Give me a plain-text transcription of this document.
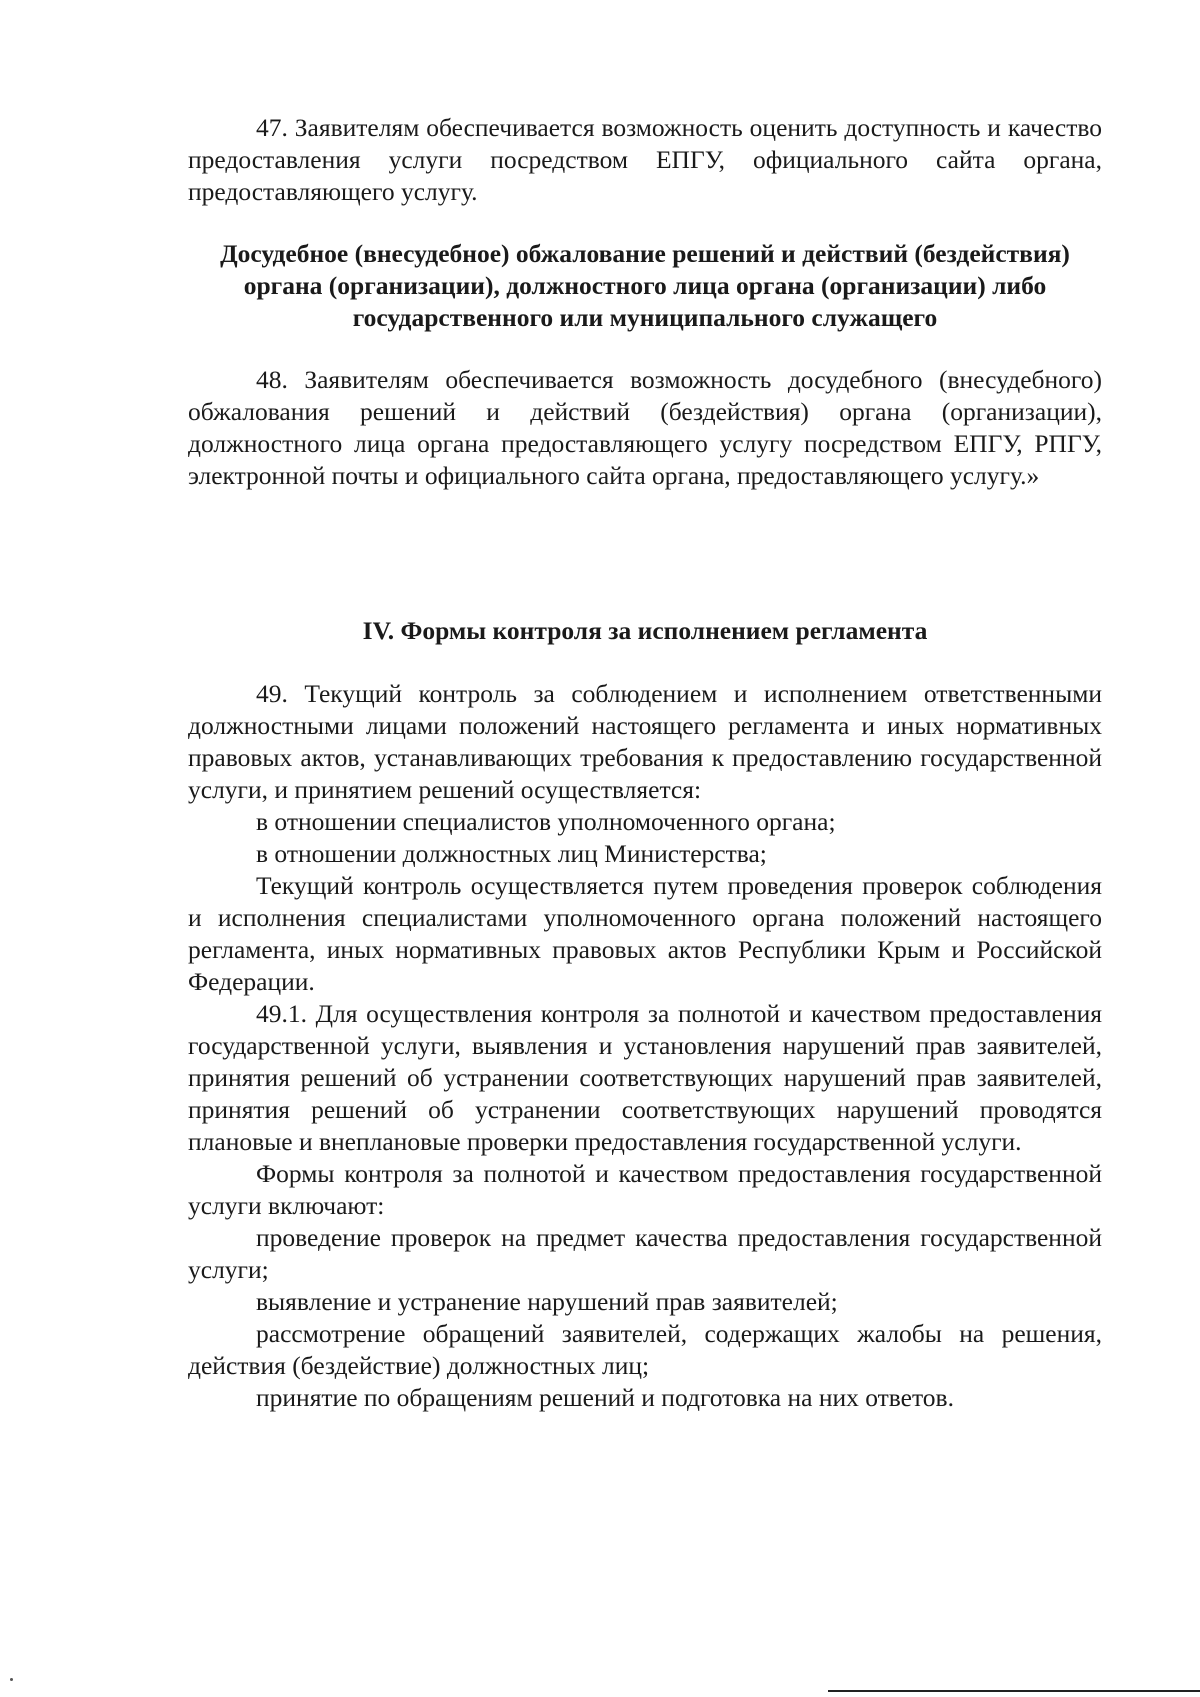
47. Заявителям обеспечивается возможность оценить доступность и качество предоставления услуги посредством ЕПГУ, официального сайта органа, предоставляющего услугу.

Досудебное (внесудебное) обжалование решений и действий (бездействия) органа (организации), должностного лица органа (организации) либо государственного или муниципального служащего

48. Заявителям обеспечивается возможность досудебного (внесудебного) обжалования решений и действий (бездействия) органа (организации), должностного лица органа предоставляющего услугу посредством ЕПГУ, РПГУ, электронной почты и официального сайта органа, предоставляющего услугу.»

IV. Формы контроля за исполнением регламента

49. Текущий контроль за соблюдением и исполнением ответственными должностными лицами положений настоящего регламента и иных нормативных правовых актов, устанавливающих требования к предоставлению государственной услуги, и принятием решений осуществляется:

в отношении специалистов уполномоченного органа;

в отношении должностных лиц Министерства;

Текущий контроль осуществляется путем проведения проверок соблюдения и исполнения специалистами уполномоченного органа положений настоящего регламента, иных нормативных правовых актов Республики Крым и Российской Федерации.

49.1. Для осуществления контроля за полнотой и качеством предоставления государственной услуги, выявления и установления нарушений прав заявителей, принятия решений об устранении соответствующих нарушений прав заявителей, принятия решений об устранении соответствующих нарушений проводятся плановые и внеплановые проверки предоставления государственной услуги.

Формы контроля за полнотой и качеством предоставления государственной услуги включают:

проведение проверок на предмет качества предоставления государственной услуги;

выявление и устранение нарушений прав заявителей;

рассмотрение обращений заявителей, содержащих жалобы на решения, действия (бездействие) должностных лиц;

принятие по обращениям решений и подготовка на них ответов.
